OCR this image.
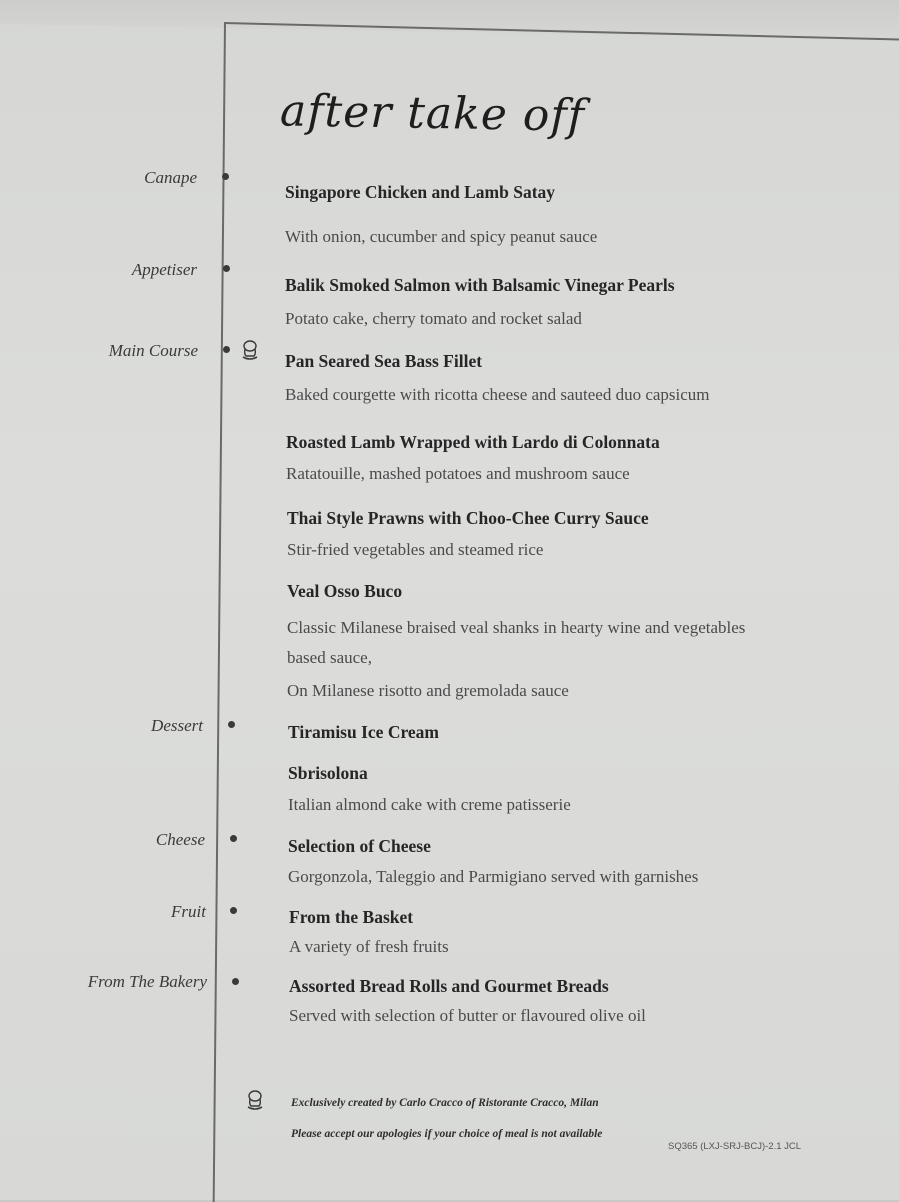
after take off
Canape
Singapore Chicken and Lamb Satay
With onion, cucumber and spicy peanut sauce
Appetiser
Balik Smoked Salmon with Balsamic Vinegar Pearls
Potato cake, cherry tomato and rocket salad
Main Course
Pan Seared Sea Bass Fillet
Baked courgette with ricotta cheese and sauteed duo capsicum
Roasted Lamb Wrapped with Lardo di Colonnata
Ratatouille, mashed potatoes and mushroom sauce
Thai Style Prawns with Choo-Chee Curry Sauce
Stir-fried vegetables and steamed rice
Veal Osso Buco
Classic Milanese braised veal shanks in hearty wine and vegetables
based sauce,
On Milanese risotto and gremolada sauce
Dessert	Tiramisu Ice Cream
Sbrisolona
Italian almond cake with creme patisserie
Cheese	Selection of Cheese
Gorgonzola, Taleggio and Parmigiano served with garnishes
Fruit	From the Basket
A variety of fresh fruits
From The Bakery	Assorted Bread Rolls and Gourmet Breads
Served with selection of butter or flavoured olive oil
Exclusively created by Carlo Cracco of Ristorante Cracco, Milan
Please accept our apologies if your choice of meal is not available
SQ365 (LXJ-SRJ-BCJ)-2.1 JCL
